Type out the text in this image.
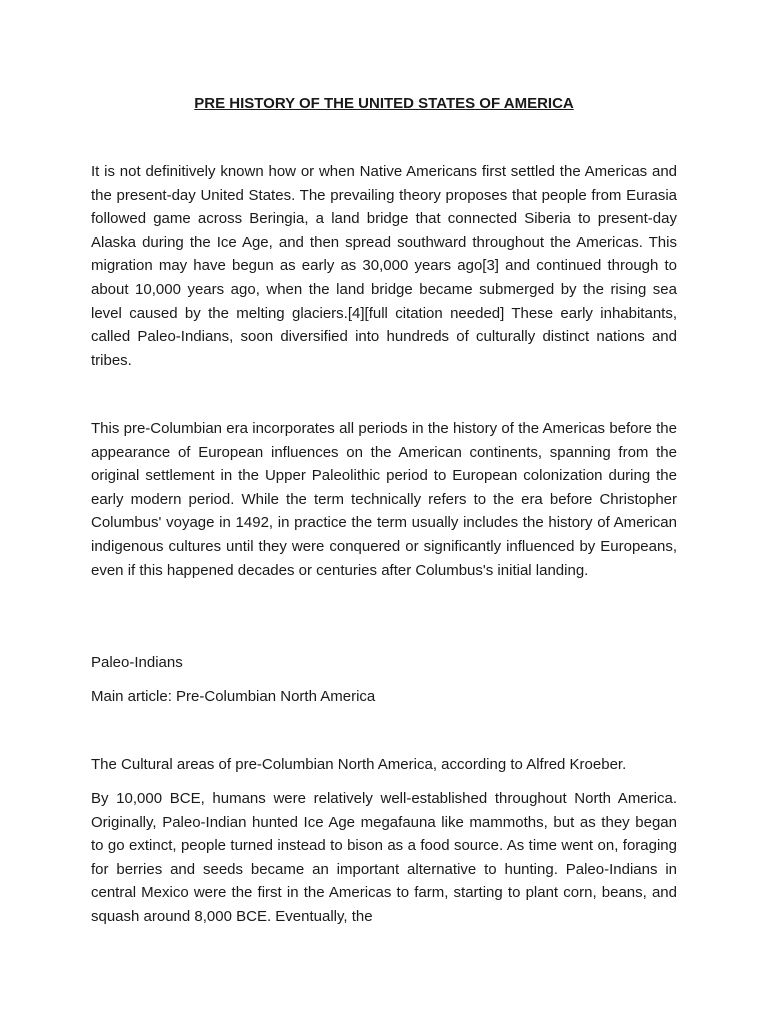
PRE HISTORY OF THE UNITED STATES OF AMERICA

It is not definitively known how or when Native Americans first settled the Americas and the present-day United States. The prevailing theory proposes that people from Eurasia followed game across Beringia, a land bridge that connected Siberia to present-day Alaska during the Ice Age, and then spread southward throughout the Americas. This migration may have begun as early as 30,000 years ago[3] and continued through to about 10,000 years ago, when the land bridge became submerged by the rising sea level caused by the melting glaciers.[4][full citation needed] These early inhabitants, called Paleo-Indians, soon diversified into hundreds of culturally distinct nations and tribes.

This pre-Columbian era incorporates all periods in the history of the Americas before the appearance of European influences on the American continents, spanning from the original settlement in the Upper Paleolithic period to European colonization during the early modern period. While the term technically refers to the era before Christopher Columbus' voyage in 1492, in practice the term usually includes the history of American indigenous cultures until they were conquered or significantly influenced by Europeans, even if this happened decades or centuries after Columbus's initial landing.

Paleo-Indians

Main article: Pre-Columbian North America

The Cultural areas of pre-Columbian North America, according to Alfred Kroeber.

By 10,000 BCE, humans were relatively well-established throughout North America. Originally, Paleo-Indian hunted Ice Age megafauna like mammoths, but as they began to go extinct, people turned instead to bison as a food source. As time went on, foraging for berries and seeds became an important alternative to hunting. Paleo-Indians in central Mexico were the first in the Americas to farm, starting to plant corn, beans, and squash around 8,000 BCE. Eventually, the
